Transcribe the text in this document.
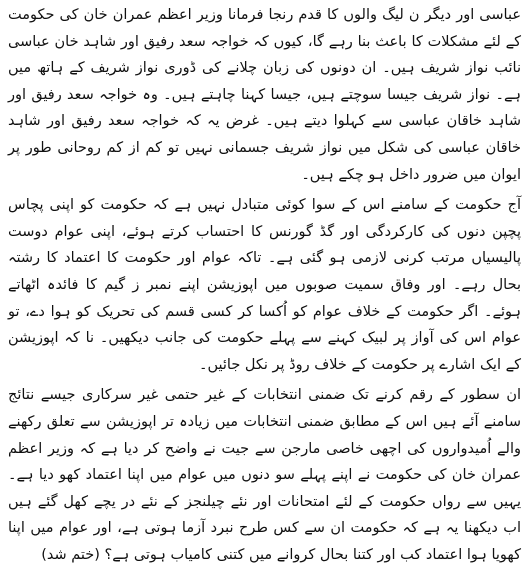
عباسی اور دیگر ن لیگ والوں کا قدم رنجا فرمانا وزیر اعظم عمران خان کی حکومت کے لئے مشکلات کا باعث بنا رہے گا، کیوں کہ خواجہ سعد رفیق اور شاہد خان عباسی نائب نواز شریف ہیں۔ ان دونوں کی زبان چلانے کی ڈوری نواز شریف کے ہاتھ میں ہے۔ نواز شریف جیسا سوچتے ہیں، جیسا کہنا چاہتے ہیں۔ وہ خواجہ سعد رفیق اور شاہد خاقان عباسی سے کہلوا دیتے ہیں۔ غرض یہ کہ خواجہ سعد رفیق اور شاہد خاقان عباسی کی شکل میں نواز شریف جسمانی نہیں تو کم از کم روحانی طور پر ایوان میں ضرور داخل ہو چکے ہیں۔

آج حکومت کے سامنے اس کے سوا کوئی متبادل نہیں ہے کہ حکومت کو اپنی پچاس پچپن دنوں کی کارکردگی اور گڈ گورنس کا احتساب کرتے ہوئے، اپنی عوام دوست پالیسیاں مرتب کرنی لازمی ہو گئی ہے۔ تاکہ عوام اور حکومت کا اعتماد کا رشتہ بحال رہے۔ اور وفاق سمیت صوبوں میں اپوزیشن اپنے نمبر ز گیم کا فائدہ اٹھاتے ہوئے۔ اگر حکومت کے خلاف عوام کو اُکسا کر کسی قسم کی تحریک کو ہوا دے، تو عوام اس کی آواز پر لبیک کہنے سے پہلے حکومت کی جانب دیکھیں۔ نا کہ اپوزیشن کے ایک اشارے پر حکومت کے خلاف روڈ پر نکل جائیں۔

ان سطور کے رقم کرنے تک ضمنی انتخابات کے غیر حتمی غیر سرکاری جیسے نتائج سامنے آئے ہیں اس کے مطابق ضمنی انتخابات میں زیادہ تر اپوزیشن سے تعلق رکھنے والے اُمیدواروں کی اچھی خاصی مارجن سے جیت نے واضح کر دیا ہے کہ وزیر اعظم عمران خان کی حکومت نے اپنے پہلے سو دنوں میں عوام میں اپنا اعتماد کھو دیا ہے۔ یہیں سے رواں حکومت کے لئے امتحانات اور نئے چیلنجز کے نئے در یچے کھل گئے ہیں اب دیکھنا یہ ہے کہ حکومت ان سے کس طرح نبرد آزما ہوتی ہے، اور عوام میں اپنا کھویا ہوا اعتماد کب اور کتنا بحال کروانے میں کتنی کامیاب ہوتی ہے؟ (ختم شد)
